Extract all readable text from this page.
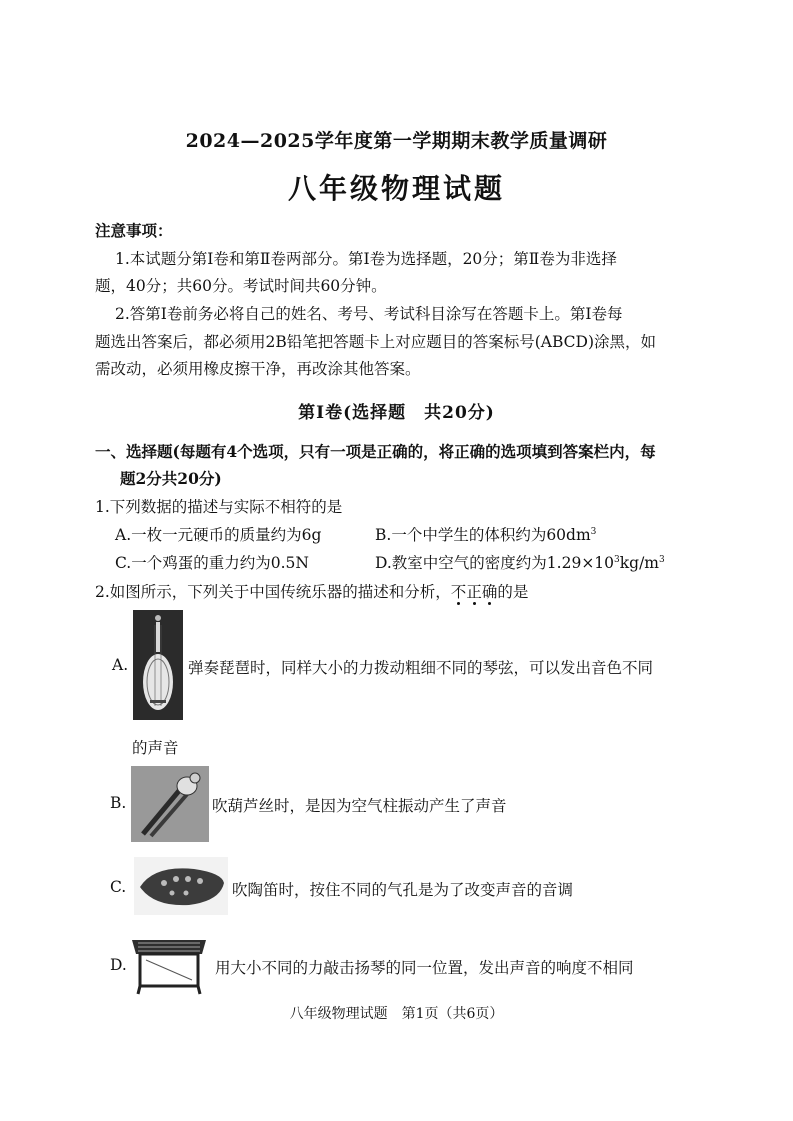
2024—2025学年度第一学期期末教学质量调研
八年级物理试题
注意事项：
1.本试题分第Ⅰ卷和第Ⅱ卷两部分。第Ⅰ卷为选择题，20分；第Ⅱ卷为非选择
题，40分；共60分。考试时间共60分钟。
2.答第Ⅰ卷前务必将自己的姓名、考号、考试科目涂写在答题卡上。第Ⅰ卷每
题选出答案后，都必须用2B铅笔把答题卡上对应题目的答案标号(ABCD)涂黑，如
需改动，必须用橡皮擦干净，再改涂其他答案。
第Ⅰ卷(选择题　共20分)
一、选择题(每题有4个选项，只有一项是正确的，将正确的选项填到答案栏内，每
题2分共20分)
1.下列数据的描述与实际不相符的是
A.一枚一元硬币的质量约为6g	B.一个中学生的体积约为$60dm^3$
C.一个鸡蛋的重力约为0.5N	D.教室中空气的密度约为$1.29\times 10^3kg/m^3$
2.如图所示，下列关于中国传统乐器的描述和分析，不正确的是
A.	弹奏琵琶时，同样大小的力拨动粗细不同的琴弦，可以发出音色不同
的声音
B.	吹葫芦丝时，是因为空气柱振动产生了声音
C.	吹陶笛时，按住不同的气孔是为了改变声音的音调
D.	用大小不同的力敲击扬琴的同一位置，发出声音的响度不相同
八年级物理试题　第1页（共6页）
